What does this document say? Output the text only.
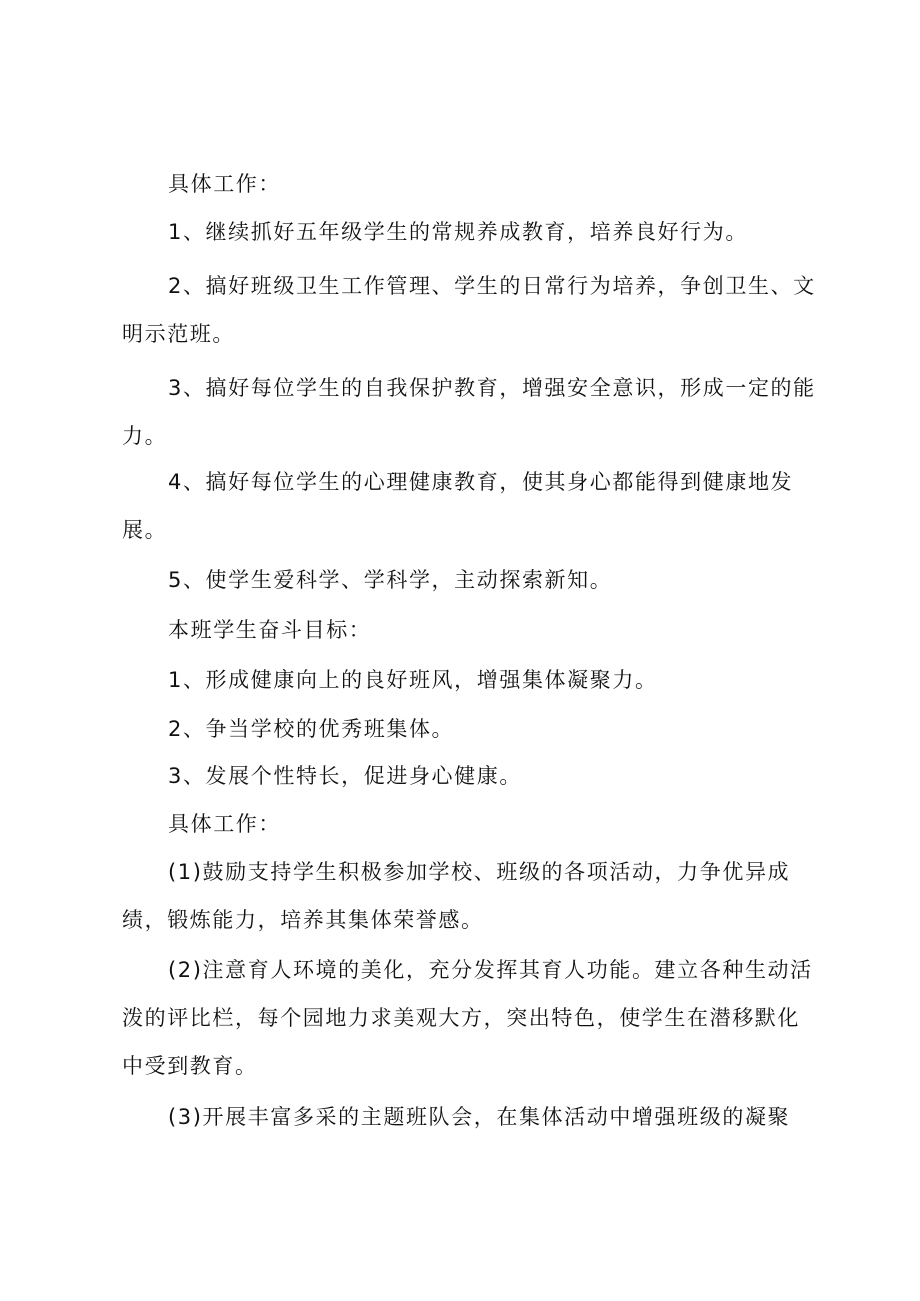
具体工作：

1、继续抓好五年级学生的常规养成教育，培养良好行为。

2、搞好班级卫生工作管理、学生的日常行为培养，争创卫生、文明示范班。

3、搞好每位学生的自我保护教育，增强安全意识，形成一定的能力。

4、搞好每位学生的心理健康教育，使其身心都能得到健康地发展。

5、使学生爱科学、学科学，主动探索新知。

本班学生奋斗目标：

1、形成健康向上的良好班风，增强集体凝聚力。

2、争当学校的优秀班集体。

3、发展个性特长，促进身心健康。

具体工作：

(1)鼓励支持学生积极参加学校、班级的各项活动，力争优异成绩，锻炼能力，培养其集体荣誉感。

(2)注意育人环境的美化，充分发挥其育人功能。建立各种生动活泼的评比栏，每个园地力求美观大方，突出特色，使学生在潜移默化中受到教育。

(3)开展丰富多采的主题班队会，在集体活动中增强班级的凝聚
